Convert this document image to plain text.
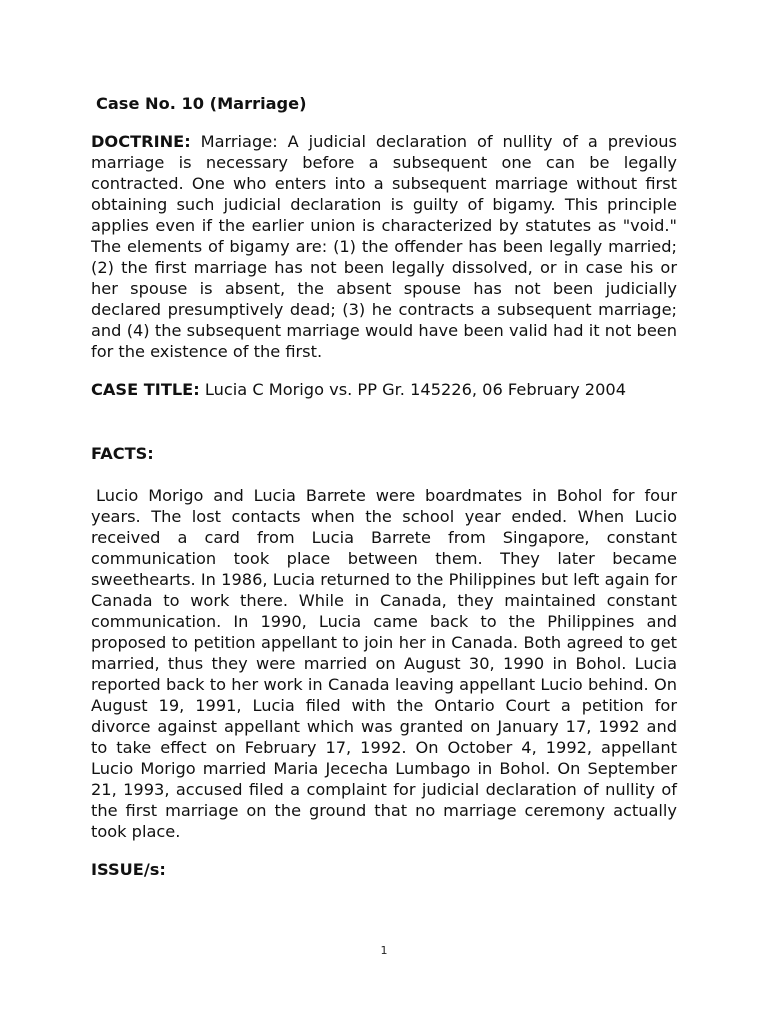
Case No. 10 (Marriage)

DOCTRINE: Marriage: A judicial declaration of nullity of a previous marriage is necessary before a subsequent one can be legally contracted. One who enters into a subsequent marriage without first obtaining such judicial declaration is guilty of bigamy. This principle applies even if the earlier union is characterized by statutes as "void." The elements of bigamy are: (1) the offender has been legally married; (2) the first marriage has not been legally dissolved, or in case his or her spouse is absent, the absent spouse has not been judicially declared presumptively dead; (3) he contracts a subsequent marriage; and (4) the subsequent marriage would have been valid had it not been for the existence of the first.

CASE TITLE: Lucia C Morigo vs. PP Gr. 145226, 06 February 2004

FACTS:

Lucio Morigo and Lucia Barrete were boardmates in Bohol for four years. The lost contacts when the school year ended. When Lucio received a card from Lucia Barrete from Singapore, constant communication took place between them. They later became sweethearts. In 1986, Lucia returned to the Philippines but left again for Canada to work there. While in Canada, they maintained constant communication. In 1990, Lucia came back to the Philippines and proposed to petition appellant to join her in Canada. Both agreed to get married, thus they were married on August 30, 1990 in Bohol. Lucia reported back to her work in Canada leaving appellant Lucio behind. On August 19, 1991, Lucia filed with the Ontario Court a petition for divorce against appellant which was granted on January 17, 1992 and to take effect on February 17, 1992. On October 4, 1992, appellant Lucio Morigo married Maria Jececha Lumbago in Bohol. On September 21, 1993, accused filed a complaint for judicial declaration of nullity of the first marriage on the ground that no marriage ceremony actually took place.

ISSUE/s:

1
